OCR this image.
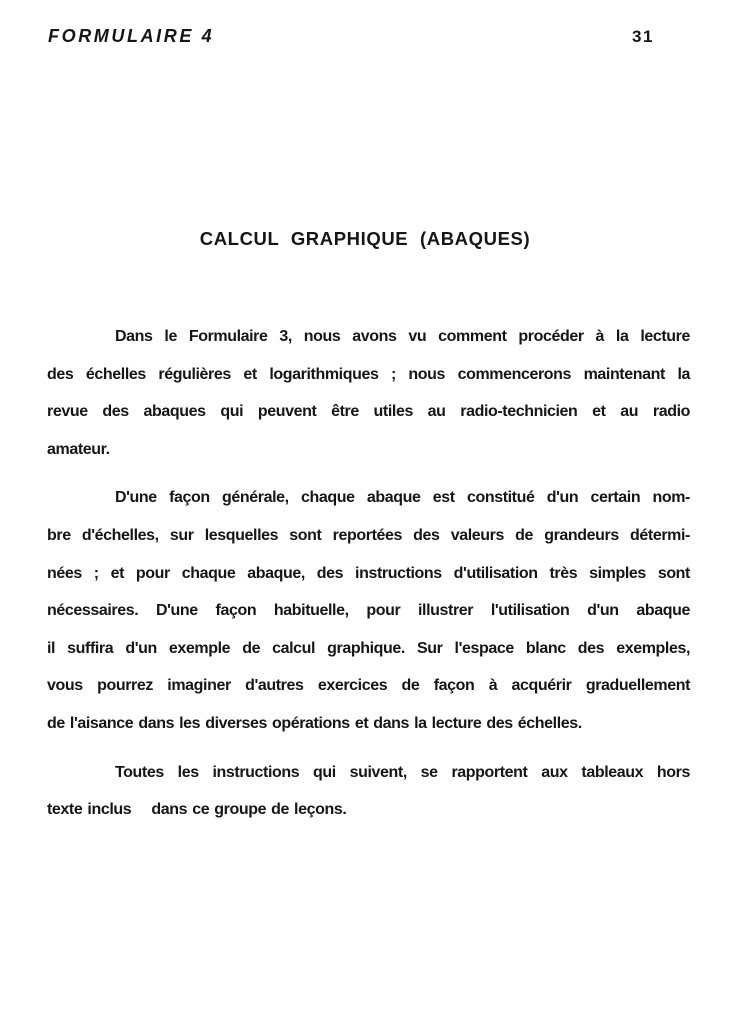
FORMULAIRE 4	31
CALCUL GRAPHIQUE (ABAQUES)

Dans le Formulaire 3, nous avons vu comment procéder à la lecture
des échelles régulières et logarithmiques ; nous commencerons maintenant la
revue des abaques qui peuvent être utiles au radio-technicien et au radio
amateur.

D'une façon générale, chaque abaque est constitué d'un certain nom-
bre d'échelles, sur lesquelles sont reportées des valeurs de grandeurs détermi-
nées ; et pour chaque abaque, des instructions d'utilisation très simples sont
nécessaires. D'une façon habituelle, pour illustrer l'utilisation d'un abaque
il suffira d'un exemple de calcul graphique. Sur l'espace blanc des exemples,
vous pourrez imaginer d'autres exercices de façon à acquérir graduellement
de l'aisance dans les diverses opérations et dans la lecture des échelles.

Toutes les instructions qui suivent, se rapportent aux tableaux hors
texte inclus    dans ce groupe de leçons.
